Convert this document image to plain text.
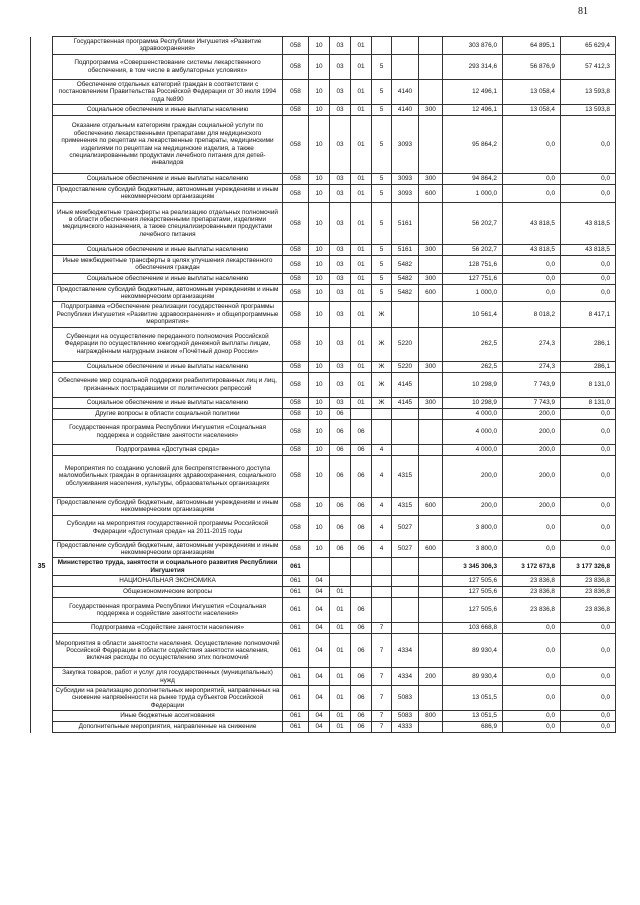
81
	Государственная программа Республики Ингушетия «Развитие здравоохранения»	058	10	03	01				303 876,0	64 895,1	65 629,4
	Подпрограмма «Совершенствование системы лекарственного обеспечения, в том числе в амбулаторных условиях»	058	10	03	01	5			293 314,6	56 876,9	57 412,3
	Обеспечение отдельных категорий граждан в соответствии с постановлением Правительства Российской Федерации от 30 июля 1994 года №890	058	10	03	01	5	4140		12 496,1	13 058,4	13 593,8
	Социальное обеспечение и иные выплаты населению	058	10	03	01	5	4140	300	12 496,1	13 058,4	13 593,8
	Оказание отдельным категориям граждан социальной услуги по обеспечению лекарственными препаратами для медицинского применения по рецептам на лекарственные препараты, медицинскими изделиями по рецептам на медицинские изделия, а также специализированными продуктами лечебного питания для детей-инвалидов	058	10	03	01	5	3093		95 864,2	0,0	0,0
	Социальное обеспечение и иные выплаты населению	058	10	03	01	5	3093	300	94 864,2	0,0	0,0
	Предоставление субсидий бюджетным, автономным учреждениям и иным некоммерческим организациям	058	10	03	01	5	3093	600	1 000,0	0,0	0,0
	Иные межбюджетные трансферты на реализацию отдельных полномочий в области обеспечения лекарственными препаратами, изделиями медицинского назначения, а также специализированными продуктами лечебного питания	058	10	03	01	5	5161		56 202,7	43 818,5	43 818,5
	Социальное обеспечение и иные выплаты населению	058	10	03	01	5	5161	300	56 202,7	43 818,5	43 818,5
	Иные межбюджетные трансферты в целях улучшения лекарственного обеспечения граждан	058	10	03	01	5	5482		128 751,6	0,0	0,0
	Социальное обеспечение и иные выплаты населению	058	10	03	01	5	5482	300	127 751,6	0,0	0,0
	Предоставление субсидий бюджетным, автономным учреждениям и иным некоммерческим организациям	058	10	03	01	5	5482	600	1 000,0	0,0	0,0
	Подпрограмма «Обеспечение реализации государственной программы Республики Ингушетия «Развитие здравоохранения» и общепрограммные мероприятия»	058	10	03	01	Ж			10 561,4	8 018,2	8 417,1
	Субвенции на осуществление переданного полномочия Российской Федерации по осуществлению ежегодной денежной выплаты лицам, награждённым нагрудным знаком «Почётный донор России»	058	10	03	01	Ж	5220		262,5	274,3	286,1
	Социальное обеспечение и иные выплаты населению	058	10	03	01	Ж	5220	300	262,5	274,3	286,1
	Обеспечение мер социальной поддержки реабилитированных лиц и лиц, признанных пострадавшими от политических репрессий	058	10	03	01	Ж	4145		10 298,9	7 743,9	8 131,0
	Социальное обеспечение и иные выплаты населению	058	10	03	01	Ж	4145	300	10 298,9	7 743,9	8 131,0
	Другие вопросы в области социальной политики	058	10	06					4 000,0	200,0	0,0
	Государственная программа Республики Ингушетия «Социальная поддержка и содействие занятости населения»	058	10	06	06				4 000,0	200,0	0,0
	Подпрограмма «Доступная среда»	058	10	06	06	4			4 000,0	200,0	0,0
	Мероприятия по созданию условий для беспрепятственного доступа маломобильных граждан в организациях здравоохранения, социального обслуживания населения, культуры, образовательных организациях	058	10	06	06	4	4315		200,0	200,0	0,0
	Предоставление субсидий бюджетным, автономным учреждениям и иным некоммерческим организациям	058	10	06	06	4	4315	600	200,0	200,0	0,0
	Субсидии на мероприятия государственной программы Российской Федерации «Доступная среда» на 2011-2015 годы	058	10	06	06	4	5027		3 800,0	0,0	0,0
	Предоставление субсидий бюджетным, автономным учреждениям и иным некоммерческим организациям	058	10	06	06	4	5027	600	3 800,0	0,0	0,0
35	Министерство труда, занятости и социального развития Республики Ингушетия	061							3 345 306,3	3 172 673,8	3 177 326,8
	НАЦИОНАЛЬНАЯ ЭКОНОМИКА	061	04						127 505,6	23 836,8	23 836,8
	Общеэкономические вопросы	061	04	01					127 505,6	23 836,8	23 836,8
	Государственная программа Республики Ингушетия «Социальная поддержка и содействие занятости населения»	061	04	01	06				127 505,6	23 836,8	23 836,8
	Подпрограмма «Содействие занятости населения»	061	04	01	06	7			103 668,8	0,0	0,0
	Мероприятия в области занятости населения. Осуществление полномочий Российской Федерации в области содействия занятости населения, включая расходы по осуществлению этих полномочий	061	04	01	06	7	4334		89 930,4	0,0	0,0
	Закупка товаров, работ и услуг для государственных (муниципальных) нужд	061	04	01	06	7	4334	200	89 930,4	0,0	0,0
	Субсидии на реализацию дополнительных мероприятий, направленных на снижение напряжённости на рынке труда субъектов Российской Федерации	061	04	01	06	7	5083		13 051,5	0,0	0,0
	Иные бюджетные ассигнования	061	04	01	06	7	5083	800	13 051,5	0,0	0,0
	Дополнительные мероприятия, направленные на снижение	061	04	01	06	7	4333		686,9	0,0	0,0
